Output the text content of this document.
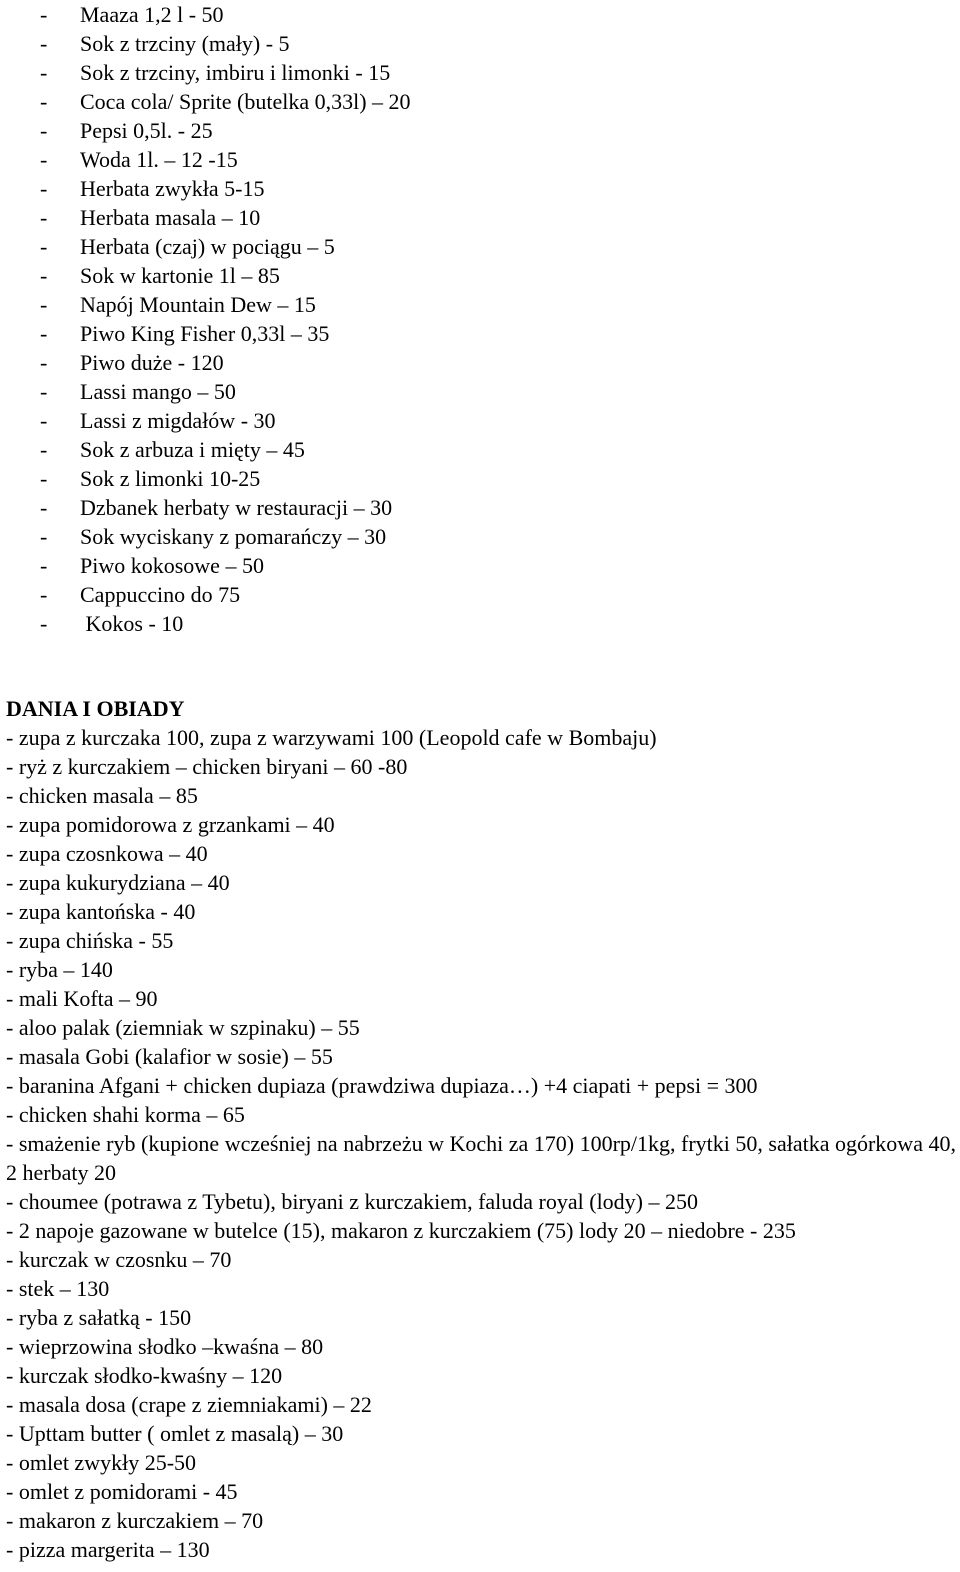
- Maaza 1,2 l - 50
- Sok z trzciny (mały) - 5
- Sok z trzciny, imbiru i limonki - 15
- Coca cola/ Sprite (butelka 0,33l) – 20
- Pepsi 0,5l. - 25
- Woda 1l. – 12 -15
- Herbata zwykła 5-15
- Herbata masala – 10
- Herbata (czaj) w pociągu – 5
- Sok w kartonie 1l – 85
- Napój Mountain Dew – 15
- Piwo King Fisher 0,33l – 35
- Piwo duże - 120
- Lassi mango – 50
- Lassi z migdałów - 30
- Sok z arbuza i mięty – 45
- Sok z limonki 10-25
- Dzbanek herbaty w restauracji – 30
- Sok wyciskany z pomarańczy – 30
- Piwo kokosowe – 50
- Cappuccino do 75
- Kokos - 10
DANIA I OBIADY
- zupa z kurczaka 100, zupa z warzywami 100 (Leopold cafe w Bombaju)
- ryż z kurczakiem – chicken biryani – 60 -80
- chicken masala – 85
- zupa pomidorowa z grzankami – 40
- zupa czosnkowa – 40
- zupa kukurydziana – 40
- zupa kantońska - 40
- zupa chińska - 55
- ryba – 140
- mali Kofta – 90
- aloo palak (ziemniak w szpinaku) – 55
- masala Gobi (kalafior w sosie) – 55
- baranina Afgani + chicken dupiaza (prawdziwa dupiaza…) +4 ciapati + pepsi = 300
- chicken shahi korma – 65
- smażenie ryb (kupione wcześniej na nabrzeżu w Kochi za 170) 100rp/1kg, frytki 50, sałatka ogórkowa 40, 2 herbaty 20
- choumee (potrawa z Tybetu), biryani z kurczakiem, faluda royal (lody) – 250
- 2 napoje gazowane w butelce (15), makaron z kurczakiem (75) lody 20 – niedobre - 235
- kurczak w czosnku – 70
- stek – 130
- ryba z sałatką - 150
- wieprzowina słodko –kwaśna – 80
- kurczak słodko-kwaśny – 120
- masala dosa (crape z ziemniakami) – 22
- Upttam butter ( omlet z masalą) – 30
- omlet zwykły 25-50
- omlet z pomidorami - 45
- makaron z kurczakiem – 70
- pizza margerita – 130
